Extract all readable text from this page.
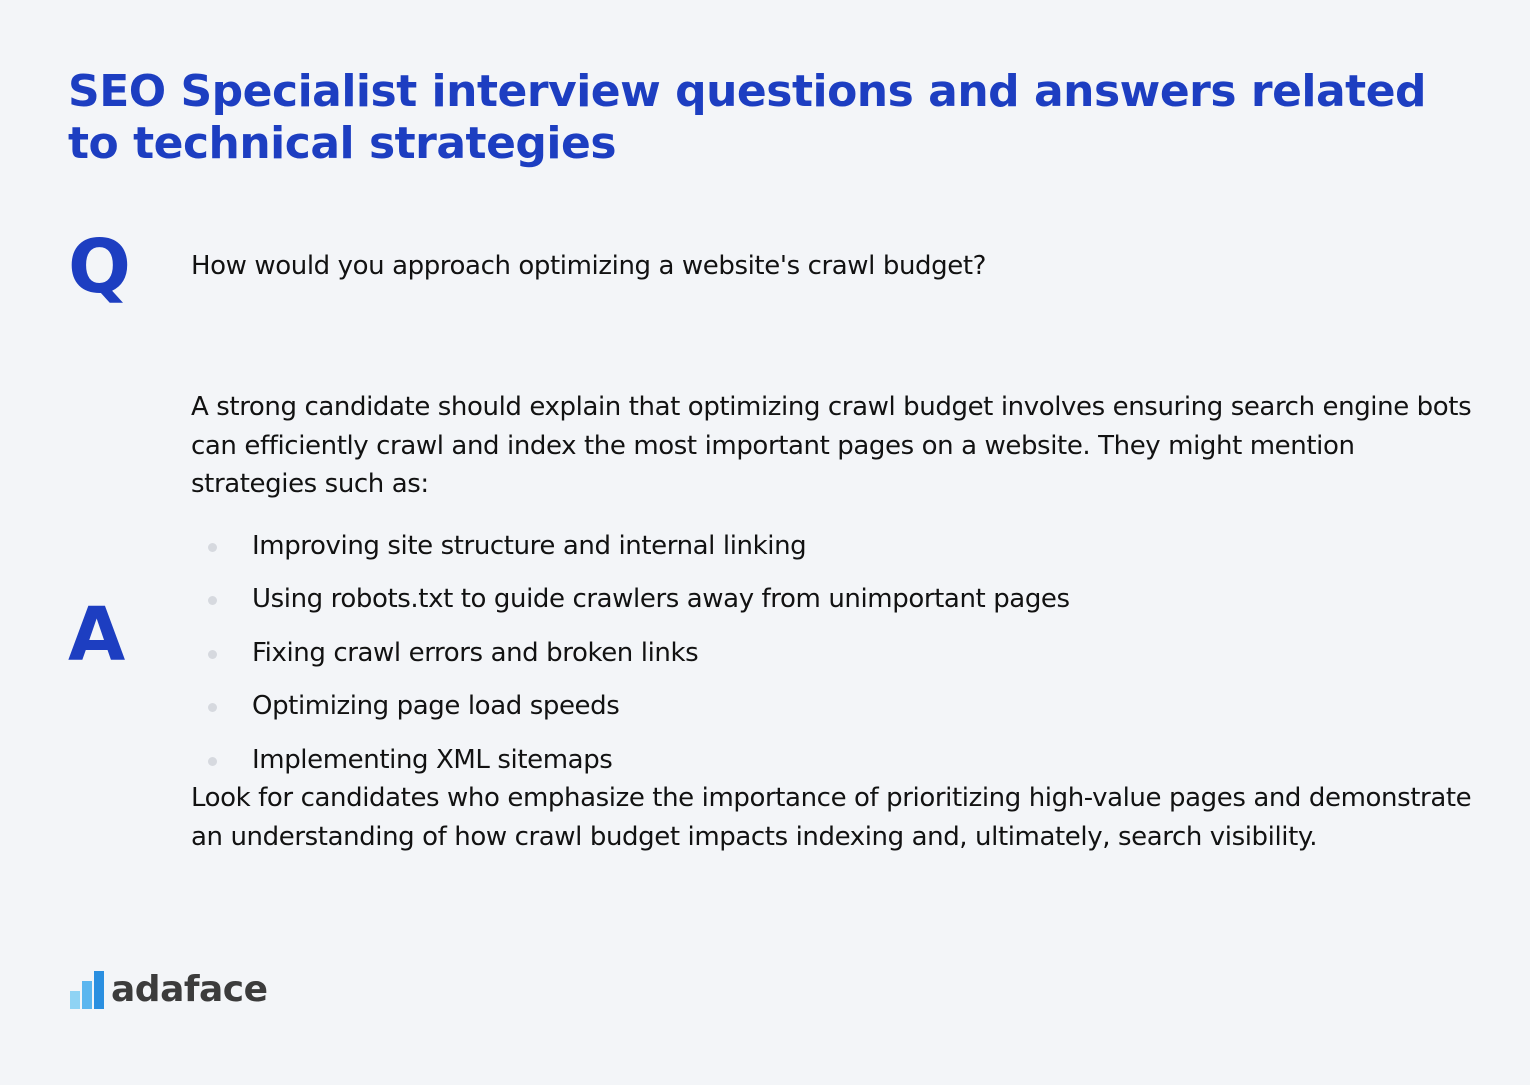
SEO Specialist interview questions and answers related to technical strategies
Q How would you approach optimizing a website's crawl budget?

A

A strong candidate should explain that optimizing crawl budget involves ensuring search engine bots can efficiently crawl and index the most important pages on a website. They might mention strategies such as:

Improving site structure and internal linking
Using robots.txt to guide crawlers away from unimportant pages
Fixing crawl errors and broken links
Optimizing page load speeds
Implementing XML sitemaps

Look for candidates who emphasize the importance of prioritizing high-value pages and demonstrate an understanding of how crawl budget impacts indexing and, ultimately, search visibility.

adaface
